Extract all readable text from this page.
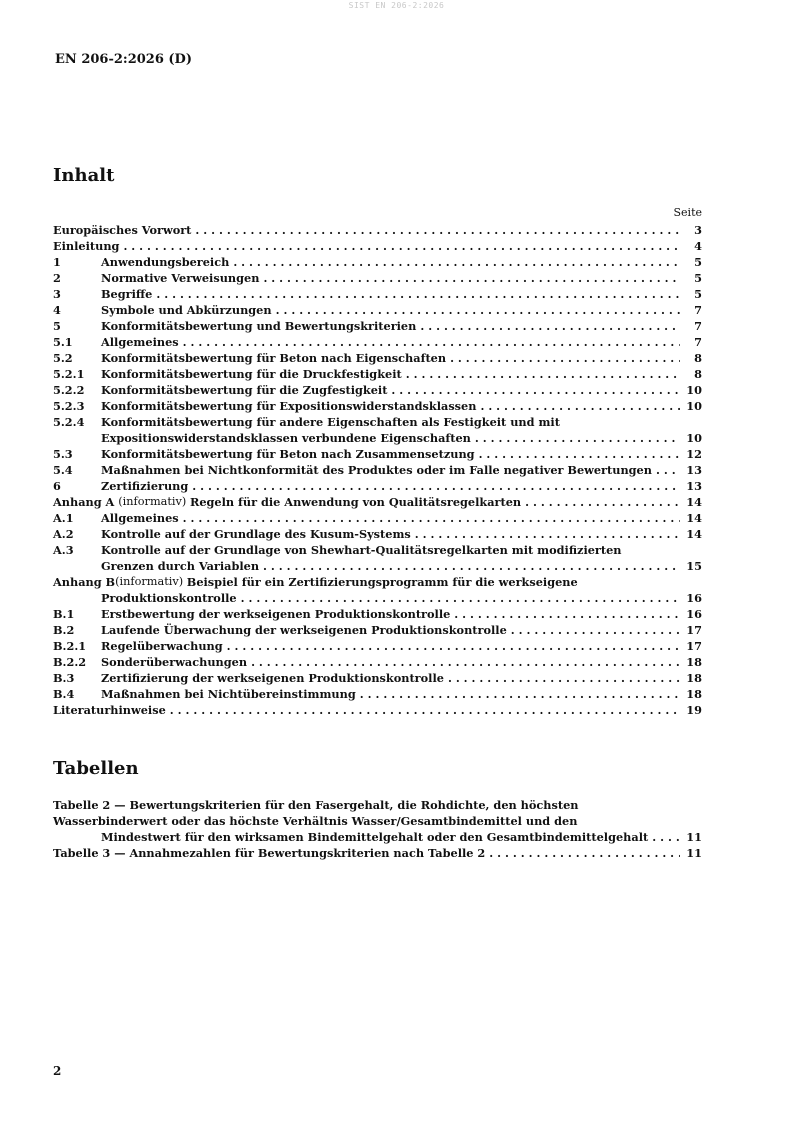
SIST EN 206-2:2026
EN 206-2:2026 (D)
Inhalt
Seite
Europäisches Vorwort . . .	3
Einleitung . . .	4
1	Anwendungsbereich . . .	5
2	Normative Verweisungen . . .	5
3	Begriffe . . .	5
4	Symbole und Abkürzungen . . .	7
5	Konformitätsbewertung und Bewertungskriterien . . .	7
5.1	Allgemeines . . .	7
5.2	Konformitätsbewertung für Beton nach Eigenschaften . . .	8
5.2.1 Konformitätsbewertung für die Druckfestigkeit . . .	8
5.2.2 Konformitätsbewertung für die Zugfestigkeit . . .	10
5.2.3 Konformitätsbewertung für Expositionswiderstandsklassen . . .	10
5.2.4 Konformitätsbewertung für andere Eigenschaften als Festigkeit und mit
Expositionswiderstandsklassen verbundene Eigenschaften . . .	10
5.3	Konformitätsbewertung für Beton nach Zusammensetzung . . .	12
5.4	Maßnahmen bei Nichtkonformität des Produktes oder im Falle negativer Bewertungen . . .	13
6	Zertifizierung . . .	13
Anhang A (informativ) Regeln für die Anwendung von Qualitätsregelkarten . . .	14
A.1 Allgemeines . . .	14
A.2 Kontrolle auf der Grundlage des Kusum-Systems . . .	14
A.3 Kontrolle auf der Grundlage von Shewhart-Qualitätsregelkarten mit modifizierten
Grenzen durch Variablen . . .	15
Anhang B (informativ) Beispiel für ein Zertifizierungsprogramm für die werkseigene
Produktionskontrolle . . .	16
B.1 Erstbewertung der werkseigenen Produktionskontrolle . . .	16
B.2 Laufende Überwachung der werkseigenen Produktionskontrolle . . .	17
B.2.1 Regelüberwachung . . .	17
B.2.2 Sonderüberwachungen . . .	18
B.3 Zertifizierung der werkseigenen Produktionskontrolle . . .	18
B.4 Maßnahmen bei Nichtübereinstimmung . . .	18
Literaturhinweise . . .	19
Tabellen
Tabelle 2 — Bewertungskriterien für den Fasergehalt, die Rohdichte, den höchsten
Wasserbinderwert oder das höchste Verhältnis Wasser/Gesamtbindemittel und den
Mindestwert für den wirksamen Bindemittelgehalt oder den Gesamtbindemittelgehalt . . .	11
Tabelle 3 — Annahmezahlen für Bewertungskriterien nach Tabelle 2 . . .	11
2
